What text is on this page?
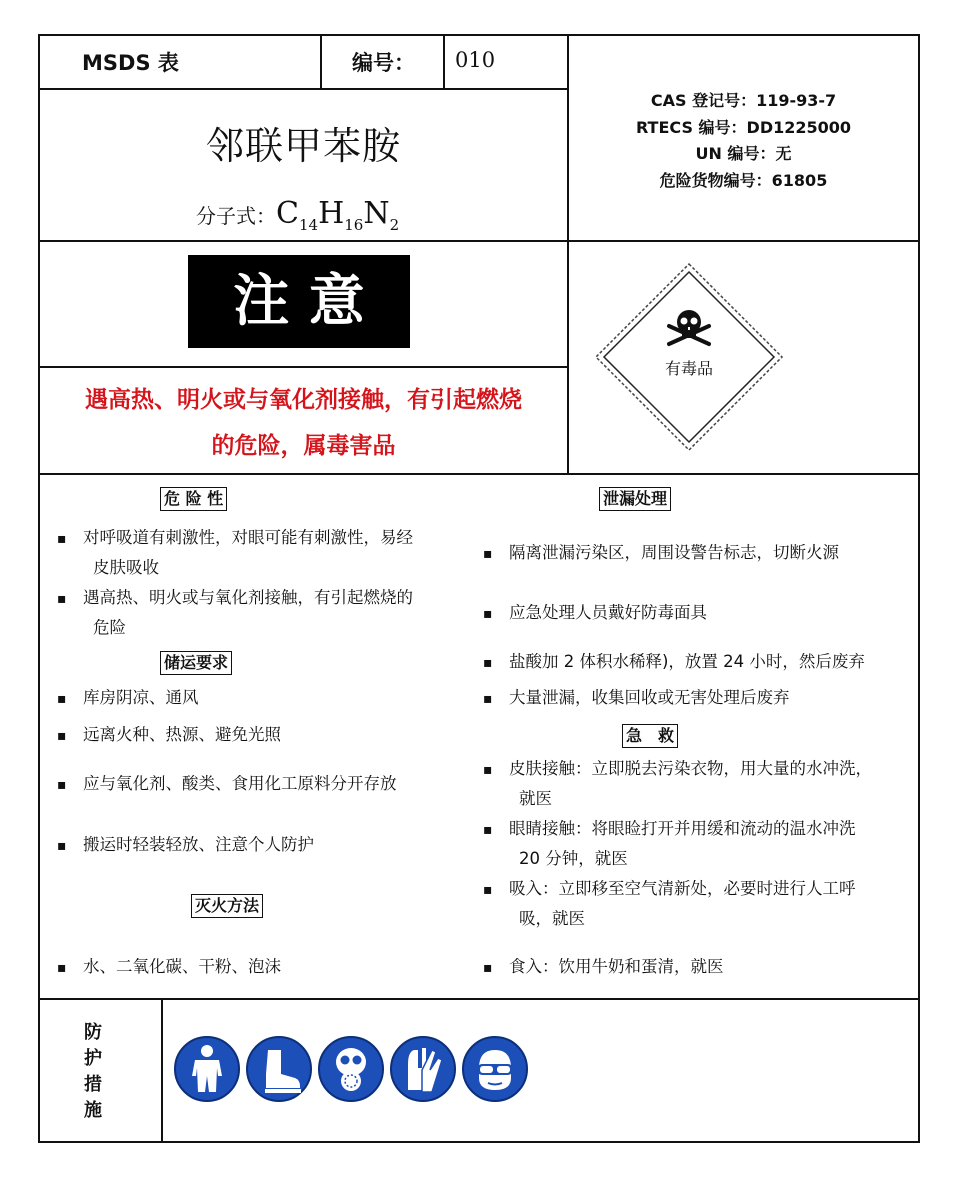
MSDS 表	编号： 010
邻联甲苯胺
分子式：$C_{14}H_{16}N_2$
CAS 登记号：119-93-7
RTECS 编号：DD1225000
UN 编号：无
危险货物编号：61805
注 意
遇高热、明火或与氧化剂接触，有引起燃烧
的危险，属毒害品
有毒品
危 险 性
▪ 对呼吸道有刺激性，对眼可能有刺激性，易经
皮肤吸收
▪ 遇高热、明火或与氧化剂接触，有引起燃烧的
危险
储运要求
▪ 库房阴凉、通风
▪ 远离火种、热源、避免光照
▪ 应与氧化剂、酸类、食用化工原料分开存放
▪ 搬运时轻装轻放、注意个人防护
灭火方法
▪ 水、二氧化碳、干粉、泡沫
泄漏处理
▪ 隔离泄漏污染区，周围设警告标志，切断火源
▪ 应急处理人员戴好防毒面具
▪ 盐酸加 2 体积水稀释)，放置 24 小时，然后废弃
▪ 大量泄漏，收集回收或无害处理后废弃
急　救
▪ 皮肤接触：立即脱去污染衣物，用大量的水冲洗，
就医
▪ 眼睛接触：将眼睑打开并用缓和流动的温水冲洗
20 分钟，就医
▪ 吸入：立即移至空气清新处，必要时进行人工呼
吸，就医
▪ 食入：饮用牛奶和蛋清，就医
防
护
措
施
